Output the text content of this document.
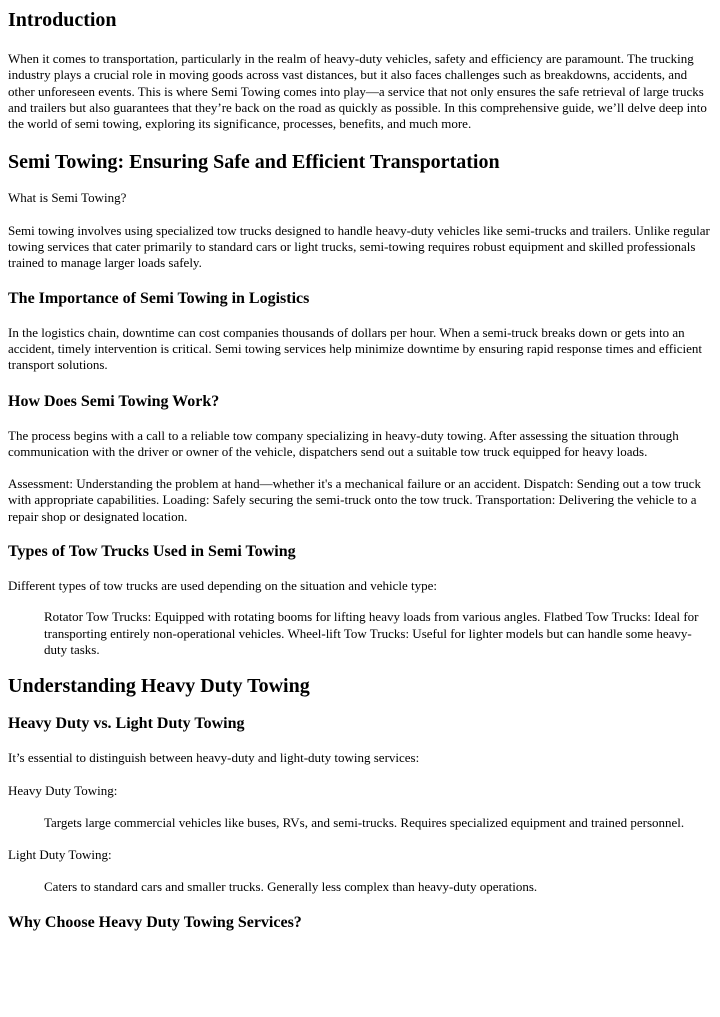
Introduction

When it comes to transportation, particularly in the realm of heavy-duty vehicles, safety and efficiency are paramount. The trucking industry plays a crucial role in moving goods across vast distances, but it also faces challenges such as breakdowns, accidents, and other unforeseen events. This is where Semi Towing comes into play—a service that not only ensures the safe retrieval of large trucks and trailers but also guarantees that they’re back on the road as quickly as possible. In this comprehensive guide, we’ll delve deep into the world of semi towing, exploring its significance, processes, benefits, and much more.

Semi Towing: Ensuring Safe and Efficient Transportation

What is Semi Towing?

Semi towing involves using specialized tow trucks designed to handle heavy-duty vehicles like semi-trucks and trailers. Unlike regular towing services that cater primarily to standard cars or light trucks, semi-towing requires robust equipment and skilled professionals trained to manage larger loads safely.

The Importance of Semi Towing in Logistics

In the logistics chain, downtime can cost companies thousands of dollars per hour. When a semi-truck breaks down or gets into an accident, timely intervention is critical. Semi towing services help minimize downtime by ensuring rapid response times and efficient transport solutions.

How Does Semi Towing Work?

The process begins with a call to a reliable tow company specializing in heavy-duty towing. After assessing the situation through communication with the driver or owner of the vehicle, dispatchers send out a suitable tow truck equipped for heavy loads.

Assessment: Understanding the problem at hand—whether it's a mechanical failure or an accident. Dispatch: Sending out a tow truck with appropriate capabilities. Loading: Safely securing the semi-truck onto the tow truck. Transportation: Delivering the vehicle to a repair shop or designated location.

Types of Tow Trucks Used in Semi Towing

Different types of tow trucks are used depending on the situation and vehicle type:

Rotator Tow Trucks: Equipped with rotating booms for lifting heavy loads from various angles. Flatbed Tow Trucks: Ideal for transporting entirely non-operational vehicles. Wheel-lift Tow Trucks: Useful for lighter models but can handle some heavy-duty tasks.
Understanding Heavy Duty Towing
Heavy Duty vs. Light Duty Towing

It’s essential to distinguish between heavy-duty and light-duty towing services:

Heavy Duty Towing:

Targets large commercial vehicles like buses, RVs, and semi-trucks. Requires specialized equipment and trained personnel.

Light Duty Towing:

Caters to standard cars and smaller trucks. Generally less complex than heavy-duty operations.
Why Choose Heavy Duty Towing Services?
